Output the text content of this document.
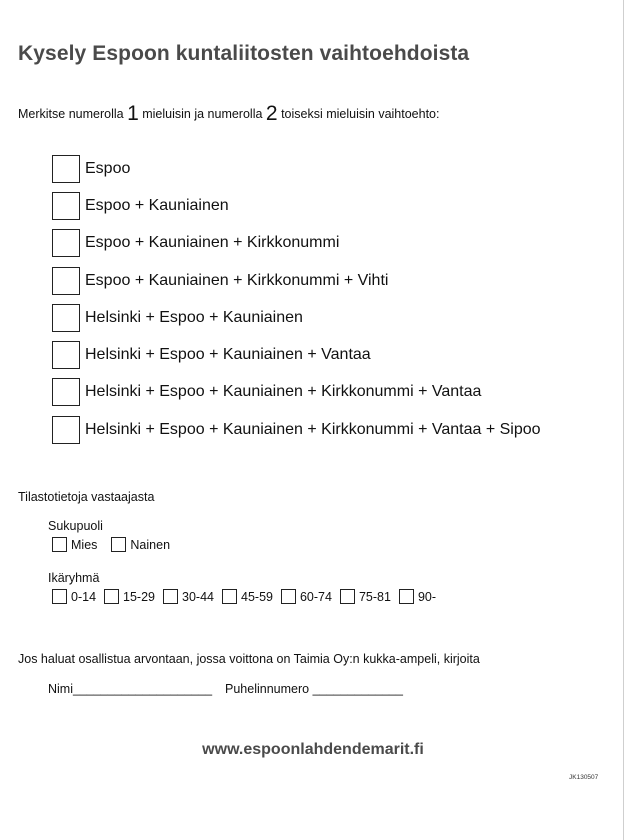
Kysely Espoon kuntaliitosten vaihtoehdoista
Merkitse numerolla 1 mieluisin ja numerolla 2 toiseksi mieluisin vaihtoehto:
Espoo
Espoo + Kauniainen
Espoo + Kauniainen + Kirkkonummi
Espoo + Kauniainen + Kirkkonummi + Vihti
Helsinki + Espoo + Kauniainen
Helsinki + Espoo + Kauniainen + Vantaa
Helsinki + Espoo + Kauniainen + Kirkkonummi + Vantaa
Helsinki + Espoo + Kauniainen + Kirkkonummi + Vantaa + Sipoo
Tilastotietoja vastaajasta
Sukupuoli
Mies	Nainen
Ikäryhmä
0-14 15-29 30-44 45-59 60-74 75-81 90-
Jos haluat osallistua arvontaan, jossa voittona on Taimia Oy:n kukka-ampeli, kirjoita
Nimi____________________ Puhelinnumero _____________
www.espoonlahdendemarit.fi
JK130507
